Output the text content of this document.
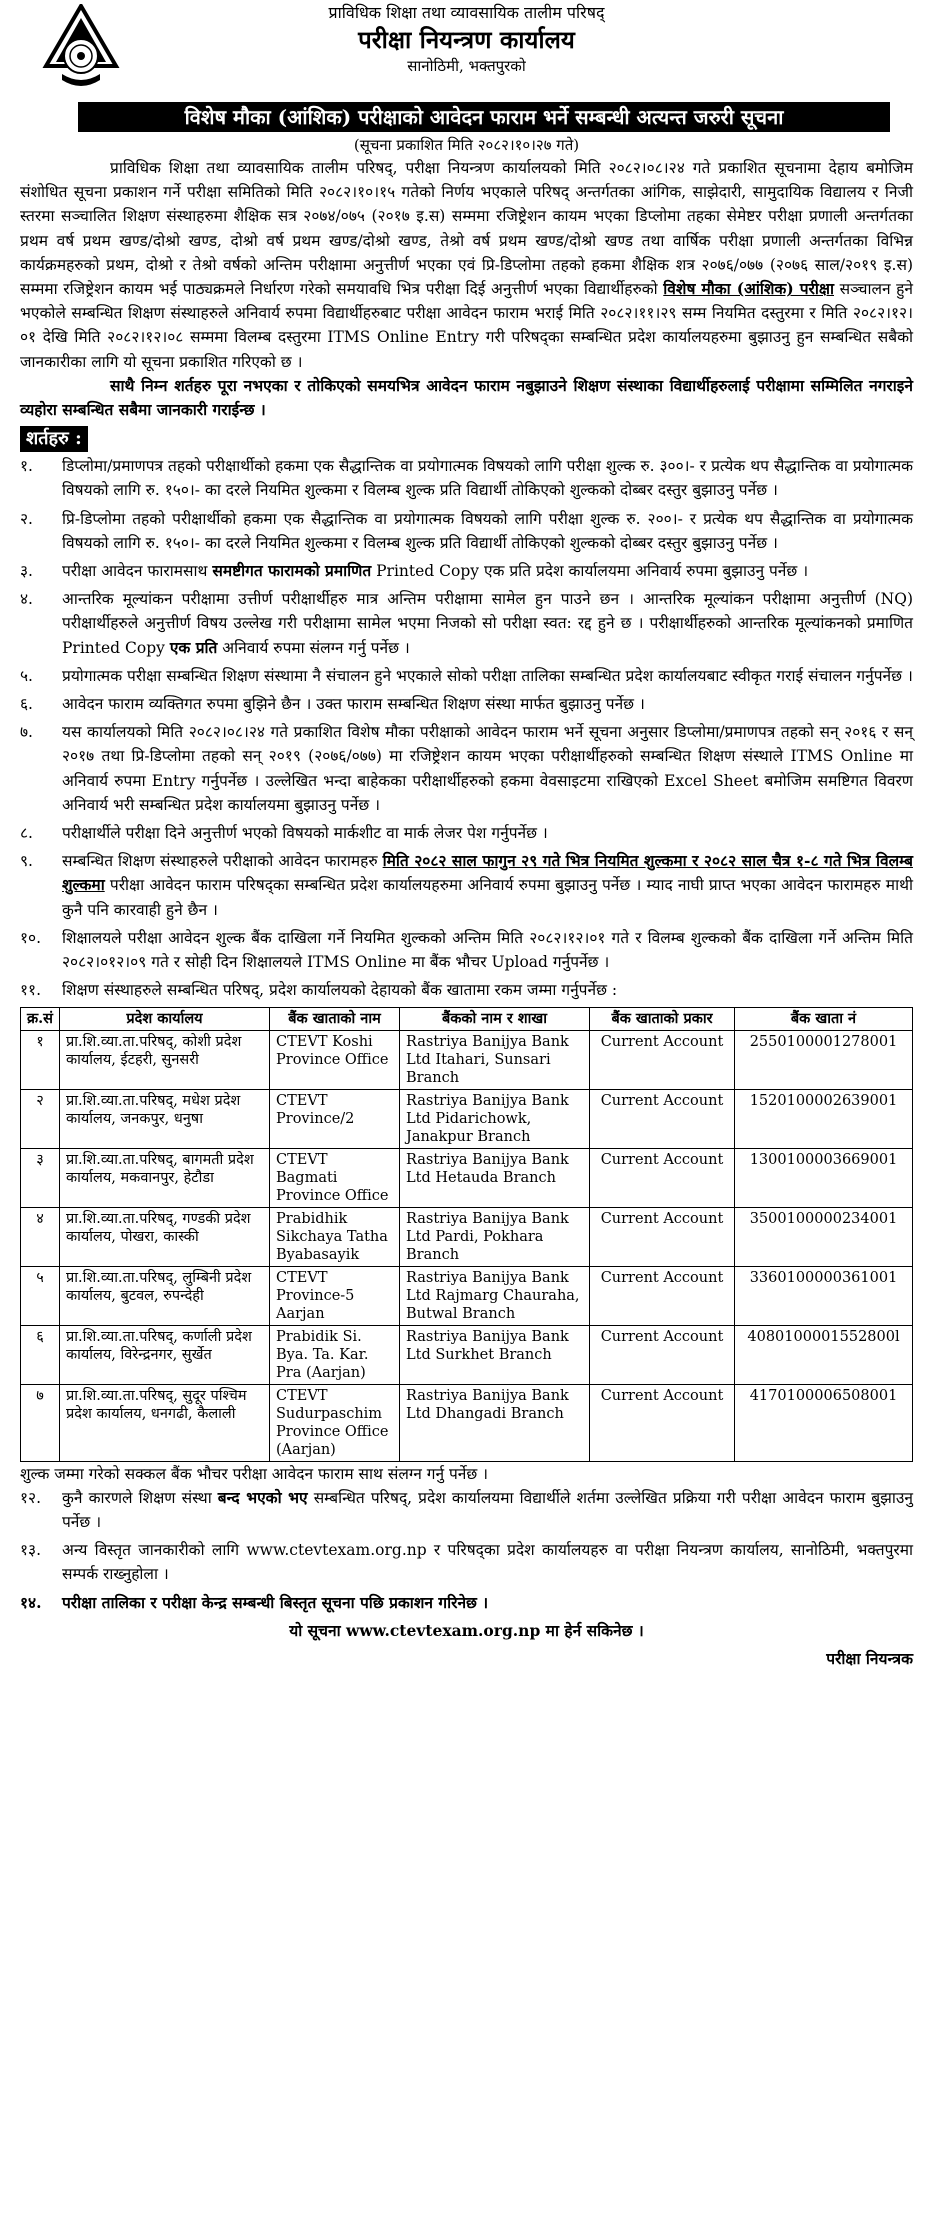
प्राविधिक शिक्षा तथा व्यावसायिक तालीम परिषद्
परीक्षा नियन्त्रण कार्यालय
सानोठिमी, भक्तपुरको
विशेष मौका (आंशिक) परीक्षाको आवेदन फाराम भर्ने सम्बन्धी अत्यन्त जरुरी सूचना
(सूचना प्रकाशित मिति २०८२।१०।२७ गते)

प्राविधिक शिक्षा तथा व्यावसायिक तालीम परिषद्, परीक्षा नियन्त्रण कार्यालयको मिति २०८२।०८।२४ गते प्रकाशित सूचनामा देहाय बमोजिम संशोधित सूचना प्रकाशन गर्ने परीक्षा समितिको मिति २०८२।१०।१५ गतेको निर्णय भएकाले परिषद् अन्तर्गतका आंगिक, साझेदारी, सामुदायिक विद्यालय र निजी स्तरमा सञ्चालित शिक्षण संस्थाहरुमा शैक्षिक सत्र २०७४/०७५ (२०१७ इ.स) सम्ममा रजिष्ट्रेशन कायम भएका डिप्लोमा तहका सेमेष्टर परीक्षा प्रणाली अन्तर्गतका प्रथम वर्ष प्रथम खण्ड/दोश्रो खण्ड, दोश्रो वर्ष प्रथम खण्ड/दोश्रो खण्ड, तेश्रो वर्ष प्रथम खण्ड/दोश्रो खण्ड तथा वार्षिक परीक्षा प्रणाली अन्तर्गतका विभिन्न कार्यक्रमहरुको प्रथम, दोश्रो र तेश्रो वर्षको अन्तिम परीक्षामा अनुत्तीर्ण भएका एवं प्रि-डिप्लोमा तहको हकमा शैक्षिक शत्र २०७६/०७७ (२०७६ साल/२०१९ इ.स) सम्ममा रजिष्ट्रेशन कायम भई पाठ्यक्रमले निर्धारण गरेको समयावधि भित्र परीक्षा दिई अनुत्तीर्ण भएका विद्यार्थीहरुको विशेष मौका (आंशिक) परीक्षा सञ्चालन हुने भएकोले सम्बन्धित शिक्षण संस्थाहरुले अनिवार्य रुपमा विद्यार्थीहरुबाट परीक्षा आवेदन फाराम भराई मिति २०८२।११।२९ सम्म नियमित दस्तुरमा र मिति २०८२।१२।०१ देखि मिति २०८२।१२।०८ सम्ममा विलम्ब दस्तुरमा ITMS Online Entry गरी परिषद्का सम्बन्धित प्रदेश कार्यालयहरुमा बुझाउनु हुन सम्बन्धित सबैको जानकारीका लागि यो सूचना प्रकाशित गरिएको छ ।

साथै निम्न शर्तहरु पूरा नभएका र तोकिएको समयभित्र आवेदन फाराम नबुझाउने शिक्षण संस्थाका विद्यार्थीहरुलाई परीक्षामा सम्मिलित नगराइने व्यहोरा सम्बन्धित सबैमा जानकारी गराईन्छ ।

शर्तहरु :
१.	डिप्लोमा/प्रमाणपत्र तहको परीक्षार्थीको हकमा एक सैद्धान्तिक वा प्रयोगात्मक विषयको लागि परीक्षा शुल्क रु. ३००।- र प्रत्येक थप सैद्धान्तिक वा प्रयोगात्मक विषयको लागि रु. १५०।- का दरले नियमित शुल्कमा र विलम्ब शुल्क प्रति विद्यार्थी तोकिएको शुल्कको दोब्बर दस्तुर बुझाउनु पर्नेछ ।
२.	प्रि-डिप्लोमा तहको परीक्षार्थीको हकमा एक सैद्धान्तिक वा प्रयोगात्मक विषयको लागि परीक्षा शुल्क रु. २००।- र प्रत्येक थप सैद्धान्तिक वा प्रयोगात्मक विषयको लागि रु. १५०।- का दरले नियमित शुल्कमा र विलम्ब शुल्क प्रति विद्यार्थी तोकिएको शुल्कको दोब्बर दस्तुर बुझाउनु पर्नेछ ।
३.	परीक्षा आवेदन फारामसाथ समष्टीगत फारामको प्रमाणित Printed Copy एक प्रति प्रदेश कार्यालयमा अनिवार्य रुपमा बुझाउनु पर्नेछ ।
४.	आन्तरिक मूल्यांकन परीक्षामा उत्तीर्ण परीक्षार्थीहरु मात्र अन्तिम परीक्षामा सामेल हुन पाउने छन । आन्तरिक मूल्यांकन परीक्षामा अनुत्तीर्ण (NQ) परीक्षार्थीहरुले अनुत्तीर्ण विषय उल्लेख गरी परीक्षामा सामेल भएमा निजको सो परीक्षा स्वत: रद्द हुने छ । परीक्षार्थीहरुको आन्तरिक मूल्यांकनको प्रमाणित Printed Copy एक प्रति अनिवार्य रुपमा संलग्न गर्नु पर्नेछ ।
५.	प्रयोगात्मक परीक्षा सम्बन्धित शिक्षण संस्थामा नै संचालन हुने भएकाले सोको परीक्षा तालिका सम्बन्धित प्रदेश कार्यालयबाट स्वीकृत गराई संचालन गर्नुपर्नेछ ।
६.	आवेदन फाराम व्यक्तिगत रुपमा बुझिने छैन । उक्त फाराम सम्बन्धित शिक्षण संस्था मार्फत बुझाउनु पर्नेछ ।
७.	यस कार्यालयको मिति २०८२।०८।२४ गते प्रकाशित विशेष मौका परीक्षाको आवेदन फाराम भर्ने सूचना अनुसार डिप्लोमा/प्रमाणपत्र तहको सन् २०१६ र सन् २०१७ तथा प्रि-डिप्लोमा तहको सन् २०१९ (२०७६/०७७) मा रजिष्ट्रेशन कायम भएका परीक्षार्थीहरुको सम्बन्धित शिक्षण संस्थाले ITMS Online मा अनिवार्य रुपमा Entry गर्नुपर्नेछ । उल्लेखित भन्दा बाहेकका परीक्षार्थीहरुको हकमा वेवसाइटमा राखिएको Excel Sheet बमोजिम समष्टिगत विवरण अनिवार्य भरी सम्बन्धित प्रदेश कार्यालयमा बुझाउनु पर्नेछ ।
८.	परीक्षार्थीले परीक्षा दिने अनुत्तीर्ण भएको विषयको मार्कशीट वा मार्क लेजर पेश गर्नुपर्नेछ ।
९.	सम्बन्धित शिक्षण संस्थाहरुले परीक्षाको आवेदन फारामहरु मिति २०८२ साल फागुन २९ गते भित्र नियमित शुल्कमा र २०८२ साल चैत्र १-८ गते भित्र विलम्ब शुल्कमा परीक्षा आवेदन फाराम परिषद्का सम्बन्धित प्रदेश कार्यालयहरुमा अनिवार्य रुपमा बुझाउनु पर्नेछ । म्याद नाघी प्राप्त भएका आवेदन फारामहरु माथी कुनै पनि कारवाही हुने छैन ।
१०.	शिक्षालयले परीक्षा आवेदन शुल्क बैंक दाखिला गर्ने नियमित शुल्कको अन्तिम मिति २०८२।१२।०१ गते र विलम्ब शुल्कको बैंक दाखिला गर्ने अन्तिम मिति २०८२।०१२।०९ गते र सोही दिन शिक्षालयले ITMS Online मा बैंक भौचर Upload गर्नुपर्नेछ ।
११.	शिक्षण संस्थाहरुले सम्बन्धित परिषद्, प्रदेश कार्यालयको देहायको बैंक खातामा रकम जम्मा गर्नुपर्नेछ :
क्र.सं	प्रदेश कार्यालय	बैंक खाताको नाम	बैंकको नाम र शाखा	बैंक खाताको प्रकार	बैंक खाता नं
१	प्रा.शि.व्या.ता.परिषद्, कोशी प्रदेश कार्यालय, ईटहरी, सुनसरी	CTEVT Koshi Province Office	Rastriya Banijya Bank Ltd Itahari, Sunsari Branch	Current Account	2550100001278001
२	प्रा.शि.व्या.ता.परिषद्, मधेश प्रदेश कार्यालय, जनकपुर, धनुषा	CTEVT Province/2	Rastriya Banijya Bank Ltd Pidarichowk, Janakpur Branch	Current Account	1520100002639001
३	प्रा.शि.व्या.ता.परिषद्, बागमती प्रदेश कार्यालय, मकवानपुर, हेटौडा	CTEVT Bagmati Province Office	Rastriya Banijya Bank Ltd Hetauda Branch	Current Account	1300100003669001
४	प्रा.शि.व्या.ता.परिषद्, गण्डकी प्रदेश कार्यालय, पोखरा, कास्की	Prabidhik Sikchaya Tatha Byabasayik	Rastriya Banijya Bank Ltd Pardi, Pokhara Branch	Current Account	3500100000234001
५	प्रा.शि.व्या.ता.परिषद्, लुम्बिनी प्रदेश कार्यालय, बुटवल, रुपन्देही	CTEVT Province-5 Aarjan	Rastriya Banijya Bank Ltd Rajmarg Chauraha, Butwal Branch	Current Account	3360100000361001
६	प्रा.शि.व्या.ता.परिषद्, कर्णाली प्रदेश कार्यालय, विरेन्द्रनगर, सुर्खेत	Prabidik Si. Bya. Ta. Kar. Pra (Aarjan)	Rastriya Banijya Bank Ltd Surkhet Branch	Current Account	4080100001552800l
७	प्रा.शि.व्या.ता.परिषद्, सुदूर पश्चिम प्रदेश कार्यालय, धनगढी, कैलाली	CTEVT Sudurpaschim Province Office (Aarjan)	Rastriya Banijya Bank Ltd Dhangadi Branch	Current Account	4170100006508001
शुल्क जम्मा गरेको सक्कल बैंक भौचर परीक्षा आवेदन फाराम साथ संलग्न गर्नु पर्नेछ ।
१२.	कुनै कारणले शिक्षण संस्था बन्द भएको भए सम्बन्धित परिषद्, प्रदेश कार्यालयमा विद्यार्थीले शर्तमा उल्लेखित प्रक्रिया गरी परीक्षा आवेदन फाराम बुझाउनु पर्नेछ ।
१३.	अन्य विस्तृत जानकारीको लागि www.ctevtexam.org.np र परिषद्का प्रदेश कार्यालयहरु वा परीक्षा नियन्त्रण कार्यालय, सानोठिमी, भक्तपुरमा सम्पर्क राख्नुहोला ।
१४.	परीक्षा तालिका र परीक्षा केन्द्र सम्बन्धी बिस्तृत सूचना पछि प्रकाशन गरिनेछ ।
यो सूचना www.ctevtexam.org.np मा हेर्न सकिनेछ ।
परीक्षा नियन्त्रक
